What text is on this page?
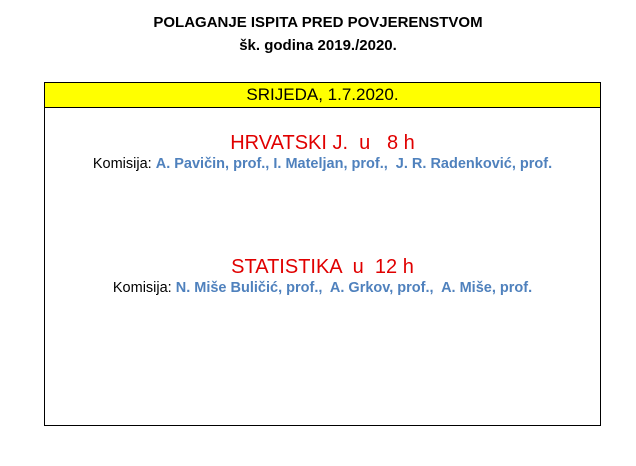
POLAGANJE ISPITA PRED POVJERENSTVOM
šk. godina 2019./2020.
SRIJEDA, 1.7.2020.
HRVATSKI J.  u   8 h
Komisija: A. Pavičin, prof., I. Mateljan, prof.,  J. R. Radenković, prof.
STATISTIKA  u  12 h
Komisija: N. Miše Buličić, prof.,  A. Grkov, prof.,  A. Miše, prof.
